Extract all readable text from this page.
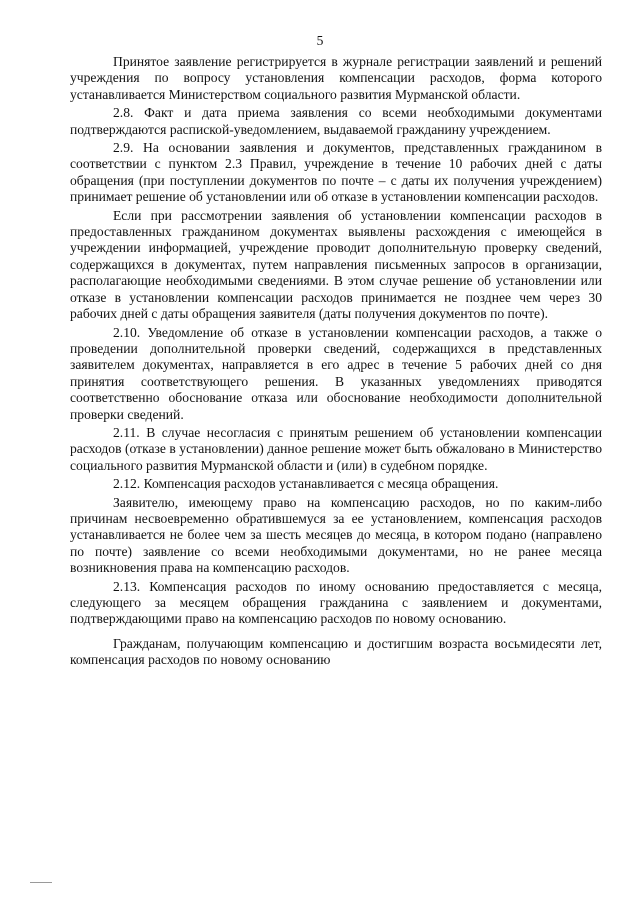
5

Принятое заявление регистрируется в журнале регистрации заявлений и решений учреждения по вопросу установления компенсации расходов, форма которого устанавливается Министерством социального развития Мурманской области.

2.8. Факт и дата приема заявления со всеми необходимыми документами подтверждаются распиской-уведомлением, выдаваемой гражданину учреждением.

2.9. На основании заявления и документов, представленных гражданином в соответствии с пунктом 2.3 Правил, учреждение в течение 10 рабочих дней с даты обращения (при поступлении документов по почте – с даты их получения учреждением) принимает решение об установлении или об отказе в установлении компенсации расходов.

Если при рассмотрении заявления об установлении компенсации расходов в предоставленных гражданином документах выявлены расхождения с имеющейся в учреждении информацией, учреждение проводит дополнительную проверку сведений, содержащихся в документах, путем направления письменных запросов в организации, располагающие необходимыми сведениями. В этом случае решение об установлении или отказе в установлении компенсации расходов принимается не позднее чем через 30 рабочих дней с даты обращения заявителя (даты получения документов по почте).

2.10. Уведомление об отказе в установлении компенсации расходов, а также о проведении дополнительной проверки сведений, содержащихся в представленных заявителем документах, направляется в его адрес в течение 5 рабочих дней со дня принятия соответствующего решения. В указанных уведомлениях приводятся соответственно обоснование отказа или обоснование необходимости дополнительной проверки сведений.

2.11. В случае несогласия с принятым решением об установлении компенсации расходов (отказе в установлении) данное решение может быть обжаловано в Министерство социального развития Мурманской области и (или) в судебном порядке.

2.12. Компенсация расходов устанавливается с месяца обращения.

Заявителю, имеющему право на компенсацию расходов, но по каким-либо причинам несвоевременно обратившемуся за ее установлением, компенсация расходов устанавливается не более чем за шесть месяцев до месяца, в котором подано (направлено по почте) заявление со всеми необходимыми документами, но не ранее месяца возникновения права на компенсацию расходов.

2.13. Компенсация расходов по иному основанию предоставляется с месяца, следующего за месяцем обращения гражданина с заявлением и документами, подтверждающими право на компенсацию расходов по новому основанию.

Гражданам, получающим компенсацию и достигшим возраста восьмидесяти лет, компенсация расходов по новому основанию
